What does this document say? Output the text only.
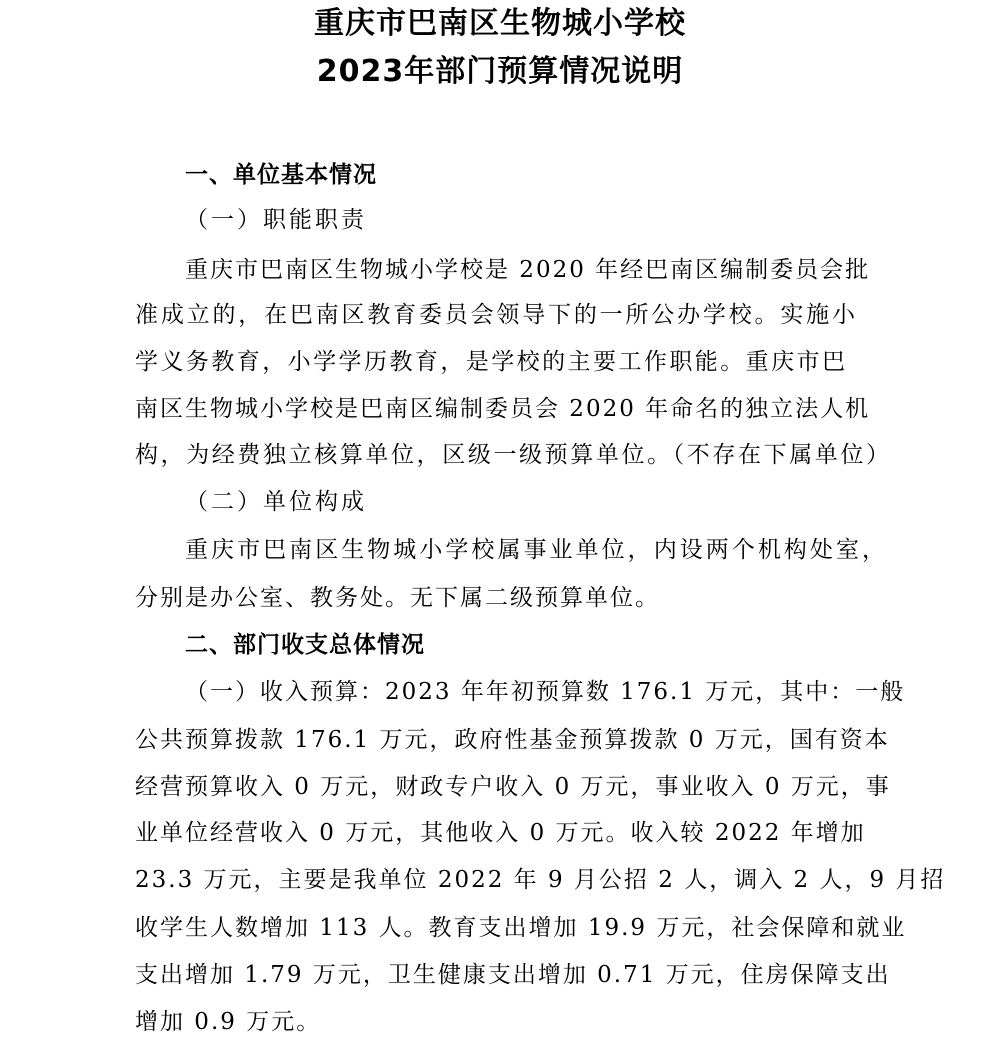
重庆市巴南区生物城小学校
2023年部门预算情况说明
一、单位基本情况
（一）职能职责
重庆市巴南区生物城小学校是 2020 年经巴南区编制委员会批
准成立的，在巴南区教育委员会领导下的一所公办学校。实施小
学义务教育，小学学历教育，是学校的主要工作职能。重庆市巴
南区生物城小学校是巴南区编制委员会 2020 年命名的独立法人机
构，为经费独立核算单位，区级一级预算单位。（不存在下属单位）
（二）单位构成
重庆市巴南区生物城小学校属事业单位，内设两个机构处室，
分别是办公室、教务处。无下属二级预算单位。
二、部门收支总体情况
（一）收入预算：2023 年年初预算数 176.1 万元，其中：一般
公共预算拨款 176.1 万元，政府性基金预算拨款 0 万元，国有资本
经营预算收入 0 万元，财政专户收入 0 万元，事业收入 0 万元，事
业单位经营收入 0 万元，其他收入 0 万元。收入较 2022 年增加
23.3 万元，主要是我单位 2022 年 9 月公招 2 人，调入 2 人，9 月招
收学生人数增加 113 人。教育支出增加 19.9 万元，社会保障和就业
支出增加 1.79 万元，卫生健康支出增加 0.71 万元，住房保障支出
增加 0.9 万元。
